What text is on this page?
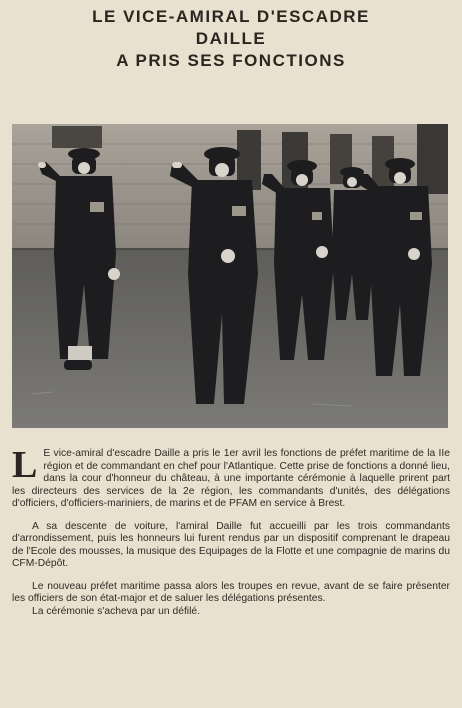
LE VICE-AMIRAL D'ESCADRE
DAILLE
A PRIS SES FONCTIONS
L E vice-amiral d'escadre Daille a pris le 1er avril les fonctions de préfet maritime de la IIe région et de commandant en chef pour l'Atlantique. Cette prise de fonctions a donné lieu, dans la cour d'honneur du château, à une importante cérémonie à laquelle prirent part les directeurs des services de la 2e région, les commandants d'unités, des délégations d'officiers, d'officiers-mariniers, de marins et de PFAM en service à Brest.
A sa descente de voiture, l'amiral Daille fut accueilli par les trois commandants d'arrondissement, puis les honneurs lui furent rendus par un dispositif comprenant le drapeau de l'Ecole des mousses, la musique des Equipages de la Flotte et une compagnie de marins du CFM-Dépôt.
Le nouveau préfet maritime passa alors les troupes en revue, avant de se faire présenter les officiers de son état-major et de saluer les délégations présentes.
La cérémonie s'acheva par un défilé.
